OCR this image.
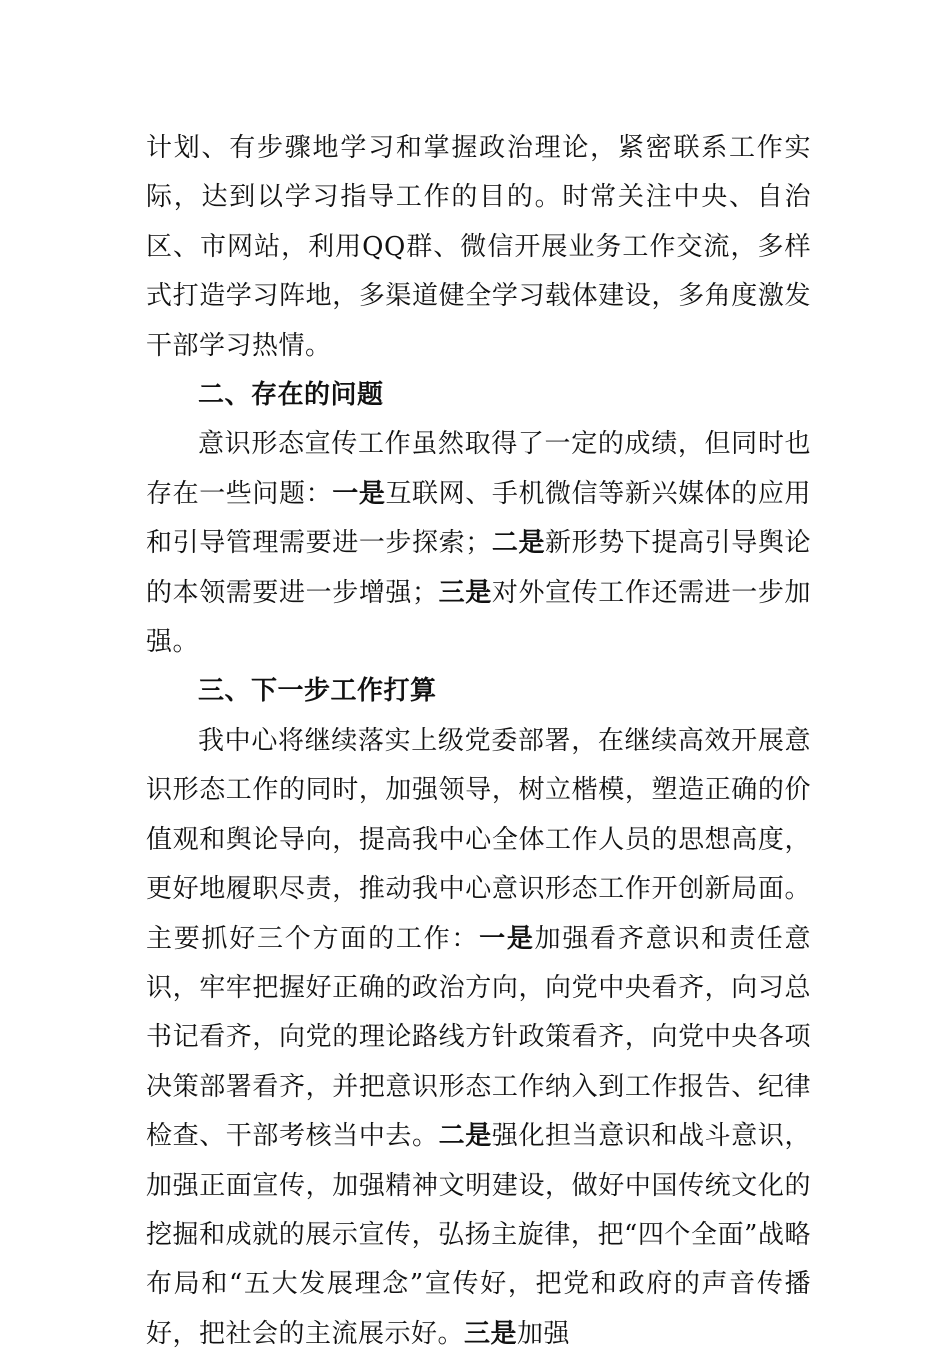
计划、有步骤地学习和掌握政治理论，紧密联系工作实际，达到以学习指导工作的目的。时常关注中央、自治区、市网站，利用QQ群、微信开展业务工作交流，多样式打造学习阵地，多渠道健全学习载体建设，多角度激发干部学习热情。

二、存在的问题

意识形态宣传工作虽然取得了一定的成绩，但同时也存在一些问题：一是互联网、手机微信等新兴媒体的应用和引导管理需要进一步探索；二是新形势下提高引导舆论的本领需要进一步增强；三是对外宣传工作还需进一步加强。

三、下一步工作打算

我中心将继续落实上级党委部署，在继续高效开展意识形态工作的同时，加强领导，树立楷模，塑造正确的价值观和舆论导向，提高我中心全体工作人员的思想高度，更好地履职尽责，推动我中心意识形态工作开创新局面。主要抓好三个方面的工作：一是加强看齐意识和责任意识，牢牢把握好正确的政治方向，向党中央看齐，向习总书记看齐，向党的理论路线方针政策看齐，向党中央各项决策部署看齐，并把意识形态工作纳入到工作报告、纪律检查、干部考核当中去。二是强化担当意识和战斗意识，加强正面宣传，加强精神文明建设，做好中国传统文化的挖掘和成就的展示宣传，弘扬主旋律，把“四个全面”战略布局和“五大发展理念”宣传好，把党和政府的声音传播好，把社会的主流展示好。三是加强
